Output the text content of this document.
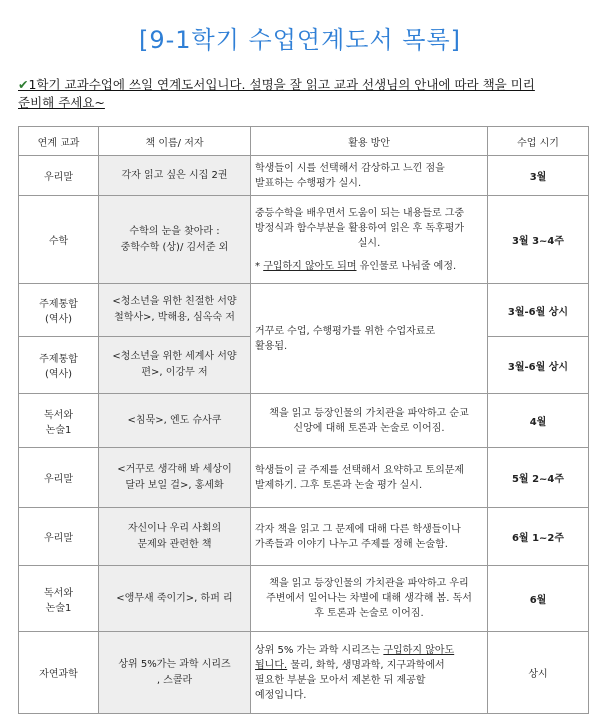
[9-1학기 수업연계도서 목록]
✔1학기 교과수업에 쓰일 연계도서입니다. 설명을 잘 읽고 교과 선생님의 안내에 따라 책을 미리
준비해 주세요~
연계 교과	책 이름/ 저자	활용 방안	수업 시기
우리말	각자 읽고 싶은 시집 2권	학생들이 시를 선택해서 감상하고 느낀 점을
발표하는 수행평가 실시.	3월
수학	수학의 눈을 찾아라 :
중학수학 (상)/ 김서준 외	중등수학을 배우면서 도움이 되는 내용들로 그중
방정식과 함수부분을 활용하여 읽은 후 독후평가
실시.
* 구입하지 않아도 되며 유인물로 나눠줄 예정.	3월 3~4주

주제통합
(역사)	<청소년을 위한 친절한 서양
철학사>, 박해용, 심옥숙 저	거꾸로 수업, 수행평가를 위한 수업자료로
활용됨.	3월-6월 상시

주제통합
(역사)	<청소년을 위한 세계사 서양
편>, 이강무 저		3월-6월 상시

독서와
논술1	<침묵>, 엔도 슈사쿠	책을 읽고 등장인물의 가치관을 파악하고 순교
신앙에 대해 토론과 논술로 이어짐.	4월
우리말	<거꾸로 생각해 봐 세상이
달라 보일 걸>, 홍세화	학생들이 글 주제를 선택해서 요약하고 토의문제
발제하기. 그후 토론과 논술 평가 실시.	5월 2~4주
우리말	자신이나 우리 사회의
문제와 관련한 책	각자 책을 읽고 그 문제에 대해 다른 학생들이나
가족들과 이야기 나누고 주제를 정해 논술함.	6월 1~2주

독서와
논술1	<앵무새 죽이기>, 하퍼 리	책을 읽고 등장인물의 가치관을 파악하고 우리
주변에서 일어나는 차별에 대해 생각해 봄. 독서
후 토론과 논술로 이어짐.	6월
자연과학	상위 5%가는 과학 시리즈
, 스콜라	상위 5% 가는 과학 시리즈는 구입하지 않아도
됩니다. 물리, 화학, 생명과학, 지구과학에서
필요한 부분을 모아서 제본한 뒤 제공할
예정입니다.	상시
